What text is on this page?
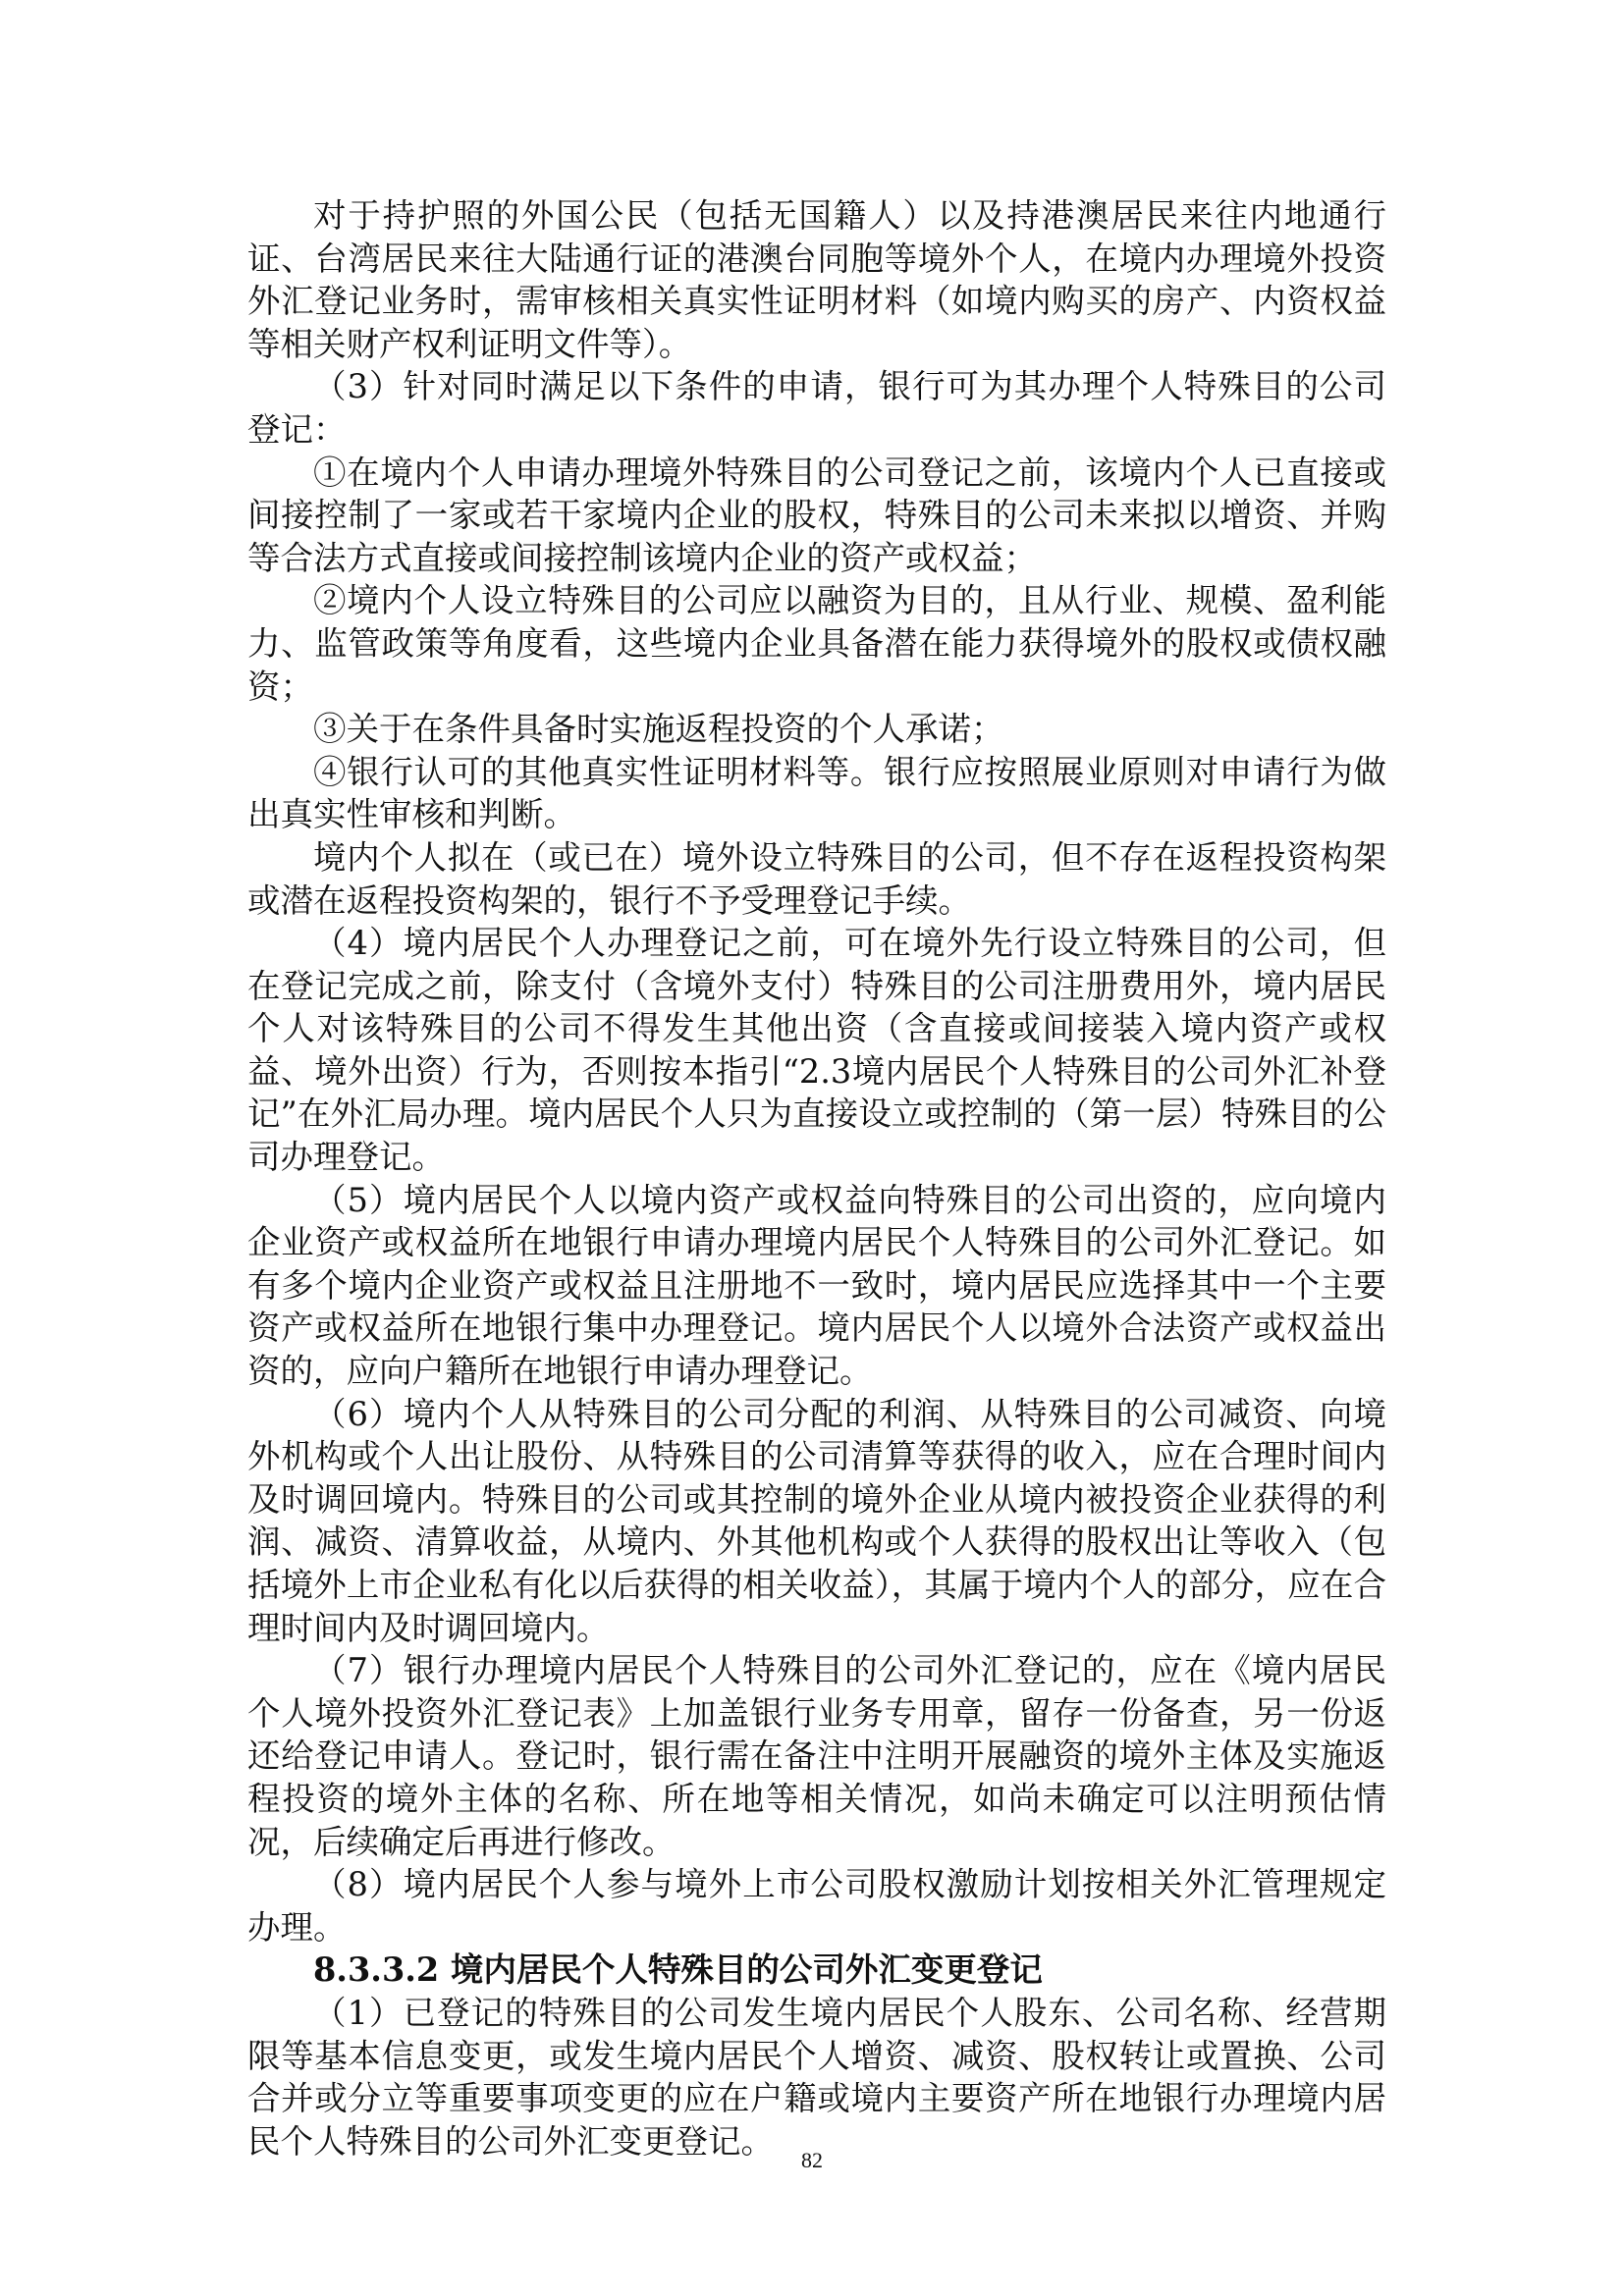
对于持护照的外国公民（包括无国籍人）以及持港澳居民来往内地通行证、台湾居民来往大陆通行证的港澳台同胞等境外个人，在境内办理境外投资外汇登记业务时，需审核相关真实性证明材料（如境内购买的房产、内资权益等相关财产权利证明文件等）。

（3）针对同时满足以下条件的申请，银行可为其办理个人特殊目的公司登记：

①在境内个人申请办理境外特殊目的公司登记之前，该境内个人已直接或间接控制了一家或若干家境内企业的股权，特殊目的公司未来拟以增资、并购等合法方式直接或间接控制该境内企业的资产或权益；

②境内个人设立特殊目的公司应以融资为目的，且从行业、规模、盈利能力、监管政策等角度看，这些境内企业具备潜在能力获得境外的股权或债权融资；

③关于在条件具备时实施返程投资的个人承诺；

④银行认可的其他真实性证明材料等。银行应按照展业原则对申请行为做出真实性审核和判断。

境内个人拟在（或已在）境外设立特殊目的公司，但不存在返程投资构架或潜在返程投资构架的，银行不予受理登记手续。

（4）境内居民个人办理登记之前，可在境外先行设立特殊目的公司，但在登记完成之前，除支付（含境外支付）特殊目的公司注册费用外，境内居民个人对该特殊目的公司不得发生其他出资（含直接或间接装入境内资产或权益、境外出资）行为，否则按本指引“2.3境内居民个人特殊目的公司外汇补登记”在外汇局办理。境内居民个人只为直接设立或控制的（第一层）特殊目的公司办理登记。

（5）境内居民个人以境内资产或权益向特殊目的公司出资的，应向境内企业资产或权益所在地银行申请办理境内居民个人特殊目的公司外汇登记。如有多个境内企业资产或权益且注册地不一致时，境内居民应选择其中一个主要资产或权益所在地银行集中办理登记。境内居民个人以境外合法资产或权益出资的，应向户籍所在地银行申请办理登记。

（6）境内个人从特殊目的公司分配的利润、从特殊目的公司减资、向境外机构或个人出让股份、从特殊目的公司清算等获得的收入，应在合理时间内及时调回境内。特殊目的公司或其控制的境外企业从境内被投资企业获得的利润、减资、清算收益，从境内、外其他机构或个人获得的股权出让等收入（包括境外上市企业私有化以后获得的相关收益），其属于境内个人的部分，应在合理时间内及时调回境内。

（7）银行办理境内居民个人特殊目的公司外汇登记的，应在《境内居民个人境外投资外汇登记表》上加盖银行业务专用章，留存一份备查，另一份返还给登记申请人。登记时，银行需在备注中注明开展融资的境外主体及实施返程投资的境外主体的名称、所在地等相关情况，如尚未确定可以注明预估情况，后续确定后再进行修改。

（8）境内居民个人参与境外上市公司股权激励计划按相关外汇管理规定办理。

8.3.3.2 境内居民个人特殊目的公司外汇变更登记

（1）已登记的特殊目的公司发生境内居民个人股东、公司名称、经营期限等基本信息变更，或发生境内居民个人增资、减资、股权转让或置换、公司合并或分立等重要事项变更的应在户籍或境内主要资产所在地银行办理境内居民个人特殊目的公司外汇变更登记。	82
